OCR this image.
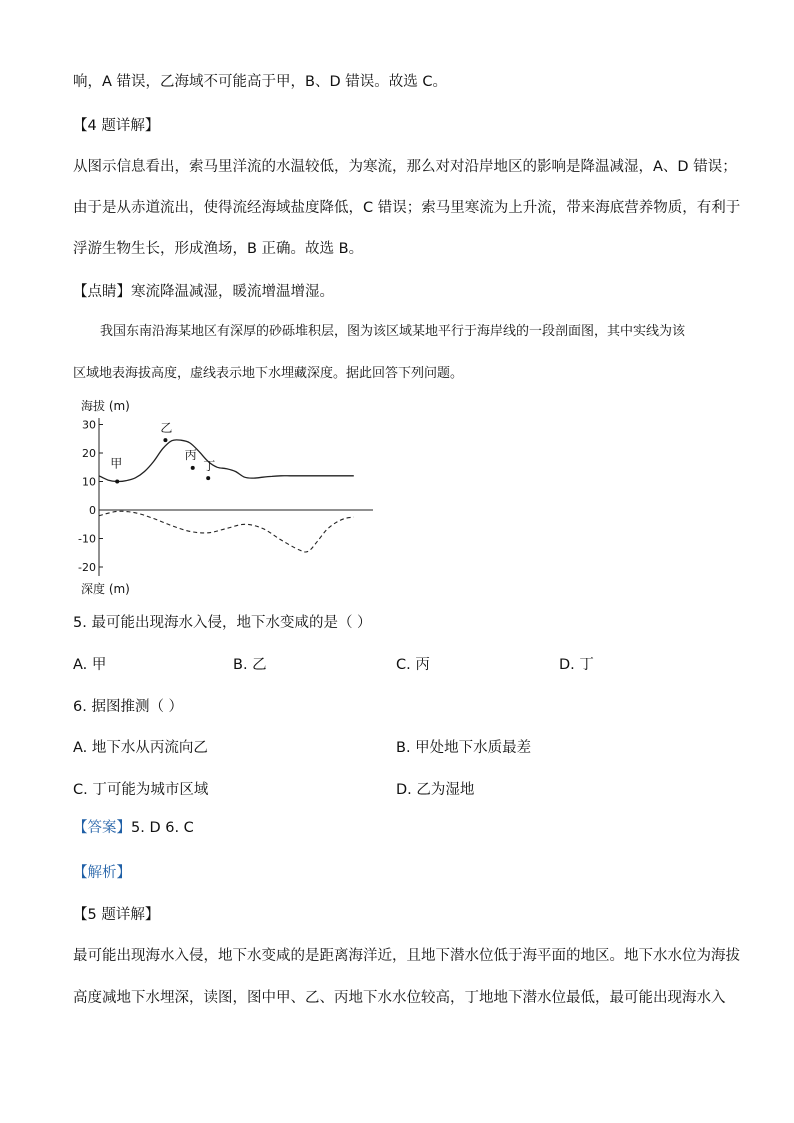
响，A 错误，乙海域不可能高于甲，B、D 错误。故选 C。
【4 题详解】
从图示信息看出，索马里洋流的水温较低，为寒流，那么对对沿岸地区的影响是降温减湿，A、D 错误；
由于是从赤道流出，使得流经海域盐度降低，C 错误；索马里寒流为上升流，带来海底营养物质，有利于
浮游生物生长，形成渔场，B 正确。故选 B。
【点睛】寒流降温减湿，暖流增温增湿。
我国东南沿海某地区有深厚的砂砾堆积层，图为该区域某地平行于海岸线的一段剖面图，其中实线为该
区域地表海拔高度，虚线表示地下水埋藏深度。据此回答下列问题。
海拔 (m)
30
20
10
0
-10
-20
甲
乙
丙
丁
深度 (m)
5. 最可能出现海水入侵，地下水变咸的是（ ）
A. 甲	B. 乙	C. 丙	D. 丁
6. 据图推测（ ）
A. 地下水从丙流向乙	B. 甲处地下水质最差
C. 丁可能为城市区域	D. 乙为湿地
【答案】5. D 6. C
【解析】
【5 题详解】
最可能出现海水入侵，地下水变咸的是距离海洋近，且地下潜水位低于海平面的地区。地下水水位为海拔
高度减地下水埋深，读图，图中甲、乙、丙地下水水位较高，丁地地下潜水位最低，最可能出现海水入
